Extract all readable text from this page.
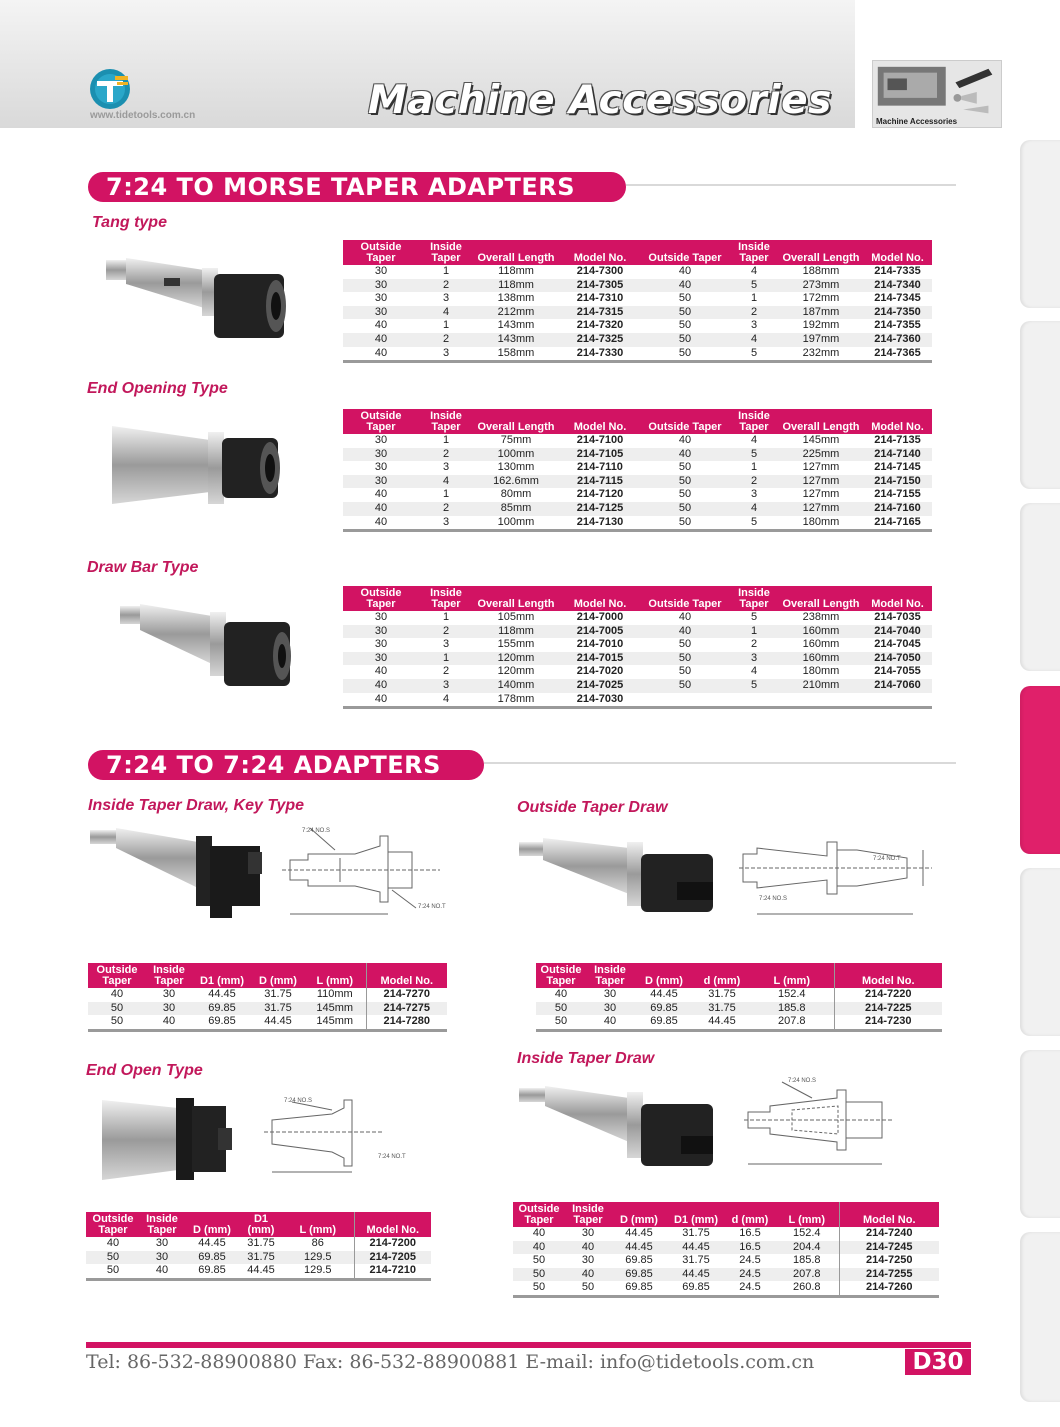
www.tidetools.com.cn	Machine Accessories	Machine Accessories
7:24 TO MORSE TAPER ADAPTERS
Tang type
Outside Taper	Inside Taper	Overall Length	Model No.	Outside Taper	Inside Taper	Overall Length	Model No.
30	1	118mm	214-7300	40	4	188mm	214-7335
30	2	118mm	214-7305	40	5	273mm	214-7340
30	3	138mm	214-7310	50	1	172mm	214-7345
30	4	212mm	214-7315	50	2	187mm	214-7350
40	1	143mm	214-7320	50	3	192mm	214-7355
40	2	143mm	214-7325	50	4	197mm	214-7360
40	3	158mm	214-7330	50	5	232mm	214-7365
End Opening Type
Outside Taper	Inside Taper	Overall Length	Model No.	Outside Taper	Inside Taper	Overall Length	Model No.
30	1	75mm	214-7100	40	4	145mm	214-7135
30	2	100mm	214-7105	40	5	225mm	214-7140
30	3	130mm	214-7110	50	1	127mm	214-7145
30	4	162.6mm	214-7115	50	2	127mm	214-7150
40	1	80mm	214-7120	50	3	127mm	214-7155
40	2	85mm	214-7125	50	4	127mm	214-7160
40	3	100mm	214-7130	50	5	180mm	214-7165
Draw Bar Type
Outside Taper	Inside Taper	Overall Length	Model No.	Outside Taper	Inside Taper	Overall Length	Model No.
30	1	105mm	214-7000	40	5	238mm	214-7035
30	2	118mm	214-7005	40	1	160mm	214-7040
30	3	155mm	214-7010	50	2	160mm	214-7045
30	1	120mm	214-7015	50	3	160mm	214-7050
40	2	120mm	214-7020	50	4	180mm	214-7055
40	3	140mm	214-7025	50	5	210mm	214-7060
40	4	178mm	214-7030				
7:24 TO 7:24 ADAPTERS
Inside Taper Draw, Key Type
7:24 NO.S
7:24 NO.T
Outside Taper	Inside Taper	D1 (mm)	D (mm)	L (mm)	Model No.
40	30	44.45	31.75	110mm	214-7270
50	30	69.85	31.75	145mm	214-7275
50	40	69.85	44.45	145mm	214-7280
Outside Taper Draw
7:24 NO.T
7:24 NO.S
Outside Taper	Inside Taper	D (mm)	d (mm)	L (mm)	Model No.
40	30	44.45	31.75	152.4	214-7220
50	30	69.85	31.75	185.8	214-7225
50	40	69.85	44.45	207.8	214-7230
End Open Type
7:24 NO.S
7:24 NO.T
Outside Taper	Inside Taper	D (mm)	D1 (mm)	L (mm)	Model No.
40	30	44.45	31.75	86	214-7200
50	30	69.85	31.75	129.5	214-7205
50	40	69.85	44.45	129.5	214-7210
Inside Taper Draw
7:24 NO.S
Outside Taper	Inside Taper	D (mm)	D1 (mm)	d (mm)	L (mm)	Model No.
40	30	44.45	31.75	16.5	152.4	214-7240
40	40	44.45	44.45	16.5	204.4	214-7245
50	30	69.85	31.75	24.5	185.8	214-7250
50	40	69.85	44.45	24.5	207.8	214-7255
50	50	69.85	69.85	24.5	260.8	214-7260
Tel: 86-532-88900880 Fax: 86-532-88900881 E-mail: info@tidetools.com.cn	D30
